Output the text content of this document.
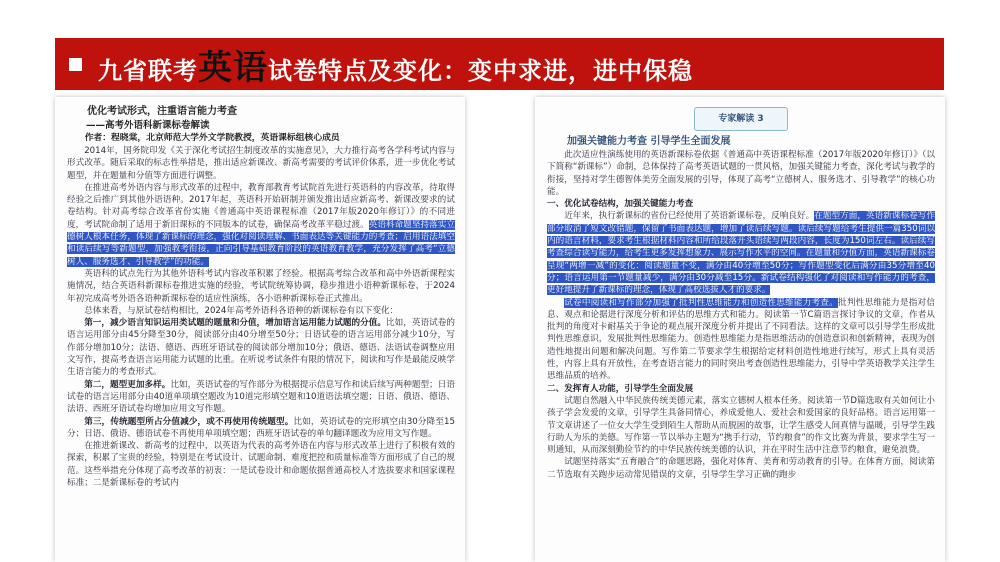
九省联考英语试卷特点及变化：变中求进，进中保稳

优化考试形式，注重语言能力考查

——高考外语科新课标卷解读

作者：程晓棠，北京师范大学外文学院教授，英语课标组核心成员

2014年，国务院印发《关于深化考试招生制度改革的实施意见》，大力推行高考各学科考试内容与形式改革。随后采取的标志性举措是，推出适应新课改、新高考需要的考试评价体系，进一步优化考试题型，并在题量和分值等方面进行调整。

在推进高考外语内容与形式改革的过程中，教育部教育考试院首先进行英语科的内容改革，待取得经验之后推广到其他外语语种。2017年起，英语科开始研制并颁发推出适应新高考、新课改要求的试卷结构。针对高考综合改革省份实施《普通高中英语课程标准（2017年版2020年修订）》的不同进度，考试院命制了适用于新旧课标的不同版本的试卷，确保高考改革平稳过渡。英语科命题坚持落实立德树人根本任务，体现了新课标的理念，强化对阅读理解、书面表达等关键能力的考查；启用语法填空和读后续写等新题型，加强教考衔接，正向引导基础教育阶段的英语教育教学，充分发挥了高考“立德树人、服务选才、引导教学”的功能。

英语科的试点先行为其他外语科考试内容改革积累了经验。根据高考综合改革和高中外语新课程实施情况，结合英语科新课标卷推进实施的经验，考试院统筹协调，稳步推进小语种新课标卷，于2024年初完成高考外语各语种新课标卷的适应性演练，各小语种新课标卷正式推出。

总体来看，与原试卷结构相比，2024年高考外语科各语种的新课标卷有以下变化：

第一，减少语言知识运用类试题的题量和分值，增加语言运用能力试题的分值。比如，英语试卷的语言运用部分由45分降至30分，阅读部分由40分增至50分；日语试卷的语言运用部分减少10分，写作部分增加10分；法语、德语、西班牙语试卷的阅读部分增加10分；俄语、德语、法语试卷调整应用文写作，提高考查语言运用能力试题的比重。在听说考试条件有限的情况下，阅读和写作是最能反映学生语言能力的考查形式。

第二，题型更加多样。比如，英语试卷的写作部分为根据提示信息写作和读后续写两种题型；日语试卷的语言运用部分由40道单项填空题改为10道完形填空题和10道语法填空题；日语、俄语、德语、法语、西班牙语试卷均增加应用文写作题。

第三，传统题型所占分值减少，或不再使用传统题型。比如，英语试卷的完形填空由30分降至15分；日语、俄语、德语试卷不再使用单项填空题；西班牙语试卷的单句翻译题改为应用文写作题。

在推进新课改、新高考的过程中，以英语为代表的高考外语在内容与形式改革上进行了积极有效的探索，积累了宝贵的经验，特别是在考试设计、试题命制、难度把控和质量标准等方面形成了自己的规范。这些举措充分体现了高考改革的初衷：一是试卷设计和命题依据普通高校人才选拔要求和国家课程标准；二是新课标卷的考试内

专家解读 3

加强关键能力考查 引导学生全面发展

此次适应性演练使用的英语新课标卷依据《普通高中英语课程标准（2017年版2020年修订）》（以下简称“新课标”）命制，总体保持了高考英语试题的一贯风格，加强关键能力考查，深化考试与教学的衔接，坚持对学生德智体美劳全面发展的引导，体现了高考“立德树人、服务选才、引导教学”的核心功能。

一、优化试卷结构，加强关键能力考查

近年来，执行新课标的省份已经使用了英语新课标卷，反响良好。在题型方面，英语新课标卷写作部分取消了短文改错题，保留了书面表达题，增加了读后续写题。读后续写题给考生提供一篇350词以内的语言材料，要求考生根据材料内容和所给段落开头语续写两段内容，长度为150词左右。读后续写考查综合读写能力，给考生更多发挥想象力、展示写作水平的空间。在题量和分值方面，英语新课标卷呈现“两增一减”的变化：阅读题量不变，满分由40分增至50分；写作题型变化后满分由35分增至40分；语言运用第一节题量减少，满分由30分减至15分。新试卷结构强化了对阅读和写作能力的考查，更好地提升了新课标的理念，体现了高校选拔人才的要求。

试卷中阅读和写作部分加强了批判性思维能力和创造性思维能力考查。批判性思维能力是指对信息、观点和论据进行深度分析和评估的思维方式和能力。阅读第一节C篇语言探讨争议的文章，作者从批判的角度对卡耐基关于争论的观点展开深度分析并提出了不同看法。这样的文章可以引导学生形成批判性思维意识，发展批判性思维能力。创造性思维能力是指思维活动的创造意识和创新精神，表现为创造性地提出问题和解决问题。写作第二节要求学生根据给定材料创造性地进行续写，形式上具有灵活性，内容上具有开放性，在考查语言能力的同时突出考查创造性思维能力，引导中学英语教学关注学生思维品质的培养。

二、发挥育人功能，引导学生全面发展

试题自然融入中华民族传统美德元素，落实立德树人根本任务。阅读第一节D篇选取有关如何让小孩子学会发爱的文章，引导学生具备同情心，养成爱他人、爱社会和爱国家的良好品格。语言运用第一节文章讲述了一位女大学生受到陌生人帮助从而脱困的故事，让学生感受人间真情与温暖，引导学生践行助人为乐的美德。写作第一节以举办主题为“携手行动，节约粮食”的作文比赛为背景，要求学生写一则通知，从而深刻勤俭节约的中华民族传统美德的认识，并在平时生活中注意节约粮食，避免浪费。

试题坚持落实“五育融合”的命题思路，强化对体育、美育和劳动教育的引导。在体育方面，阅读第二节选取有关跑步运动常见错误的文章，引导学生学习正确的跑步
